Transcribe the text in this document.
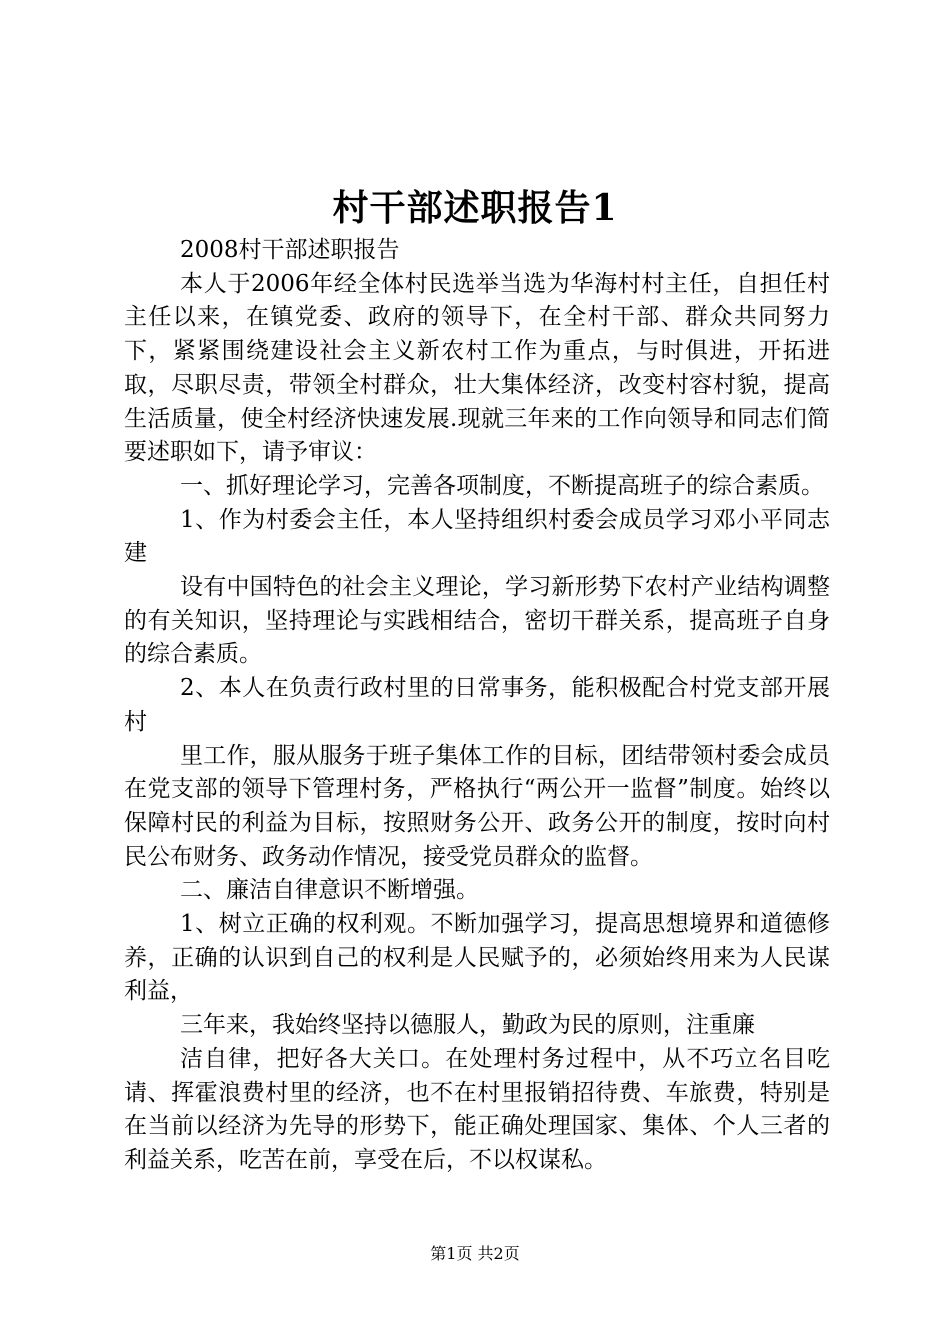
村干部述职报告1

2008村干部述职报告

本人于2006年经全体村民选举当选为华海村村主任，自担任村主任以来，在镇党委、政府的领导下，在全村干部、群众共同努力下，紧紧围绕建设社会主义新农村工作为重点，与时俱进，开拓进取，尽职尽责，带领全村群众，壮大集体经济，改变村容村貌，提高生活质量，使全村经济快速发展.现就三年来的工作向领导和同志们简要述职如下，请予审议：

一、抓好理论学习，完善各项制度，不断提高班子的综合素质。

1、作为村委会主任，本人坚持组织村委会成员学习邓小平同志建

设有中国特色的社会主义理论，学习新形势下农村产业结构调整的有关知识，坚持理论与实践相结合，密切干群关系，提高班子自身的综合素质。

2、本人在负责行政村里的日常事务，能积极配合村党支部开展村

里工作，服从服务于班子集体工作的目标，团结带领村委会成员在党支部的领导下管理村务，严格执行“两公开一监督”制度。始终以保障村民的利益为目标，按照财务公开、政务公开的制度，按时向村民公布财务、政务动作情况，接受党员群众的监督。

二、廉洁自律意识不断增强。

1、树立正确的权利观。不断加强学习，提高思想境界和道德修养，正确的认识到自己的权利是人民赋予的，必须始终用来为人民谋利益，

三年来，我始终坚持以德服人，勤政为民的原则，注重廉

洁自律，把好各大关口。在处理村务过程中，从不巧立名目吃请、挥霍浪费村里的经济，也不在村里报销招待费、车旅费，特别是在当前以经济为先导的形势下，能正确处理国家、集体、个人三者的利益关系，吃苦在前，享受在后，不以权谋私。

第1页 共2页
